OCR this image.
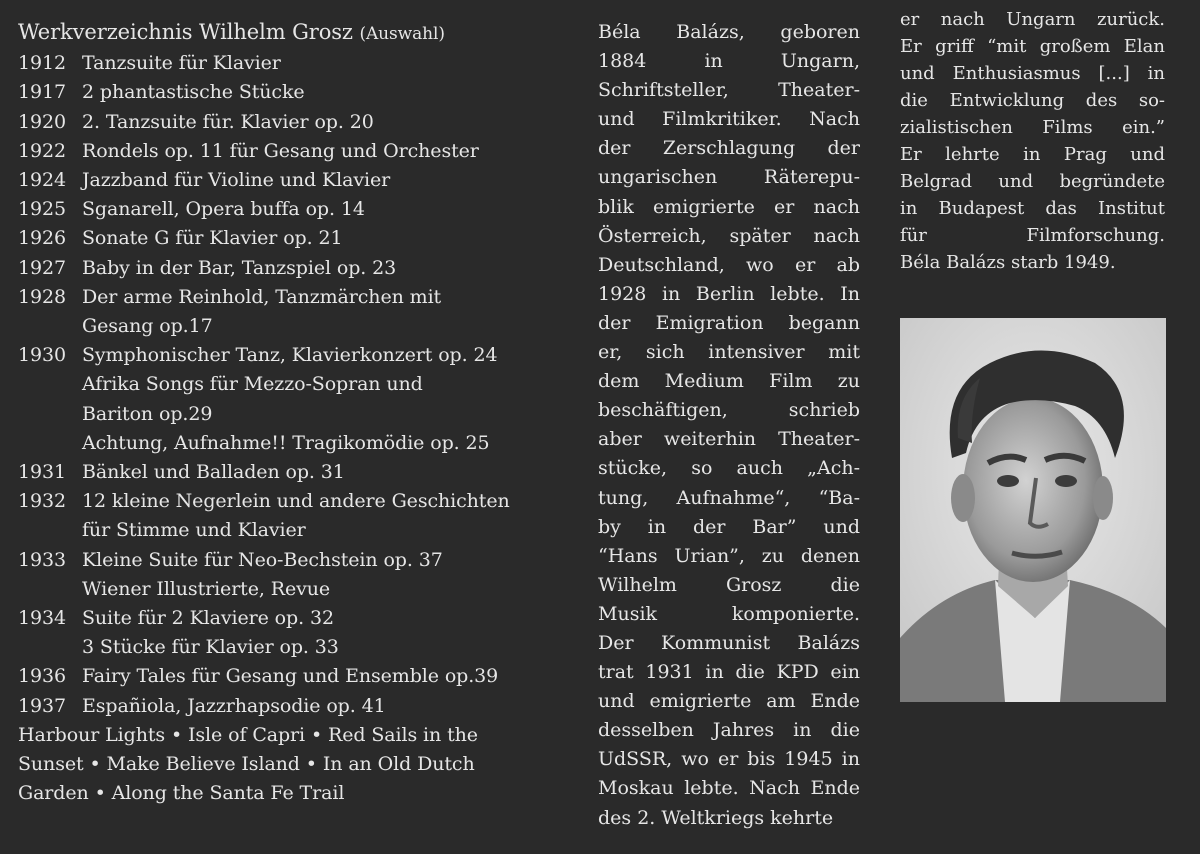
Werkverzeichnis Wilhelm Grosz (Auswahl)
1912 Tanzsuite für Klavier
1917 2 phantastische Stücke
1920 2. Tanzsuite für. Klavier op. 20
1922 Rondels op. 11 für Gesang und Orchester
1924 Jazzband für Violine und Klavier
1925 Sganarell, Opera buffa op. 14
1926 Sonate G für Klavier op. 21
1927 Baby in der Bar, Tanzspiel op. 23
1928 Der arme Reinhold, Tanzmärchen mit
Gesang op.17
1930 Symphonischer Tanz, Klavierkonzert op. 24
Afrika Songs für Mezzo-Sopran und
Bariton op.29
Achtung, Aufnahme!! Tragikomödie op. 25
1931 Bänkel und Balladen op. 31
1932 12 kleine Negerlein und andere Geschichten
für Stimme und Klavier
1933 Kleine Suite für Neo-Bechstein op. 37
Wiener Illustrierte, Revue
1934 Suite für 2 Klaviere op. 32
3 Stücke für Klavier op. 33
1936 Fairy Tales für Gesang und Ensemble op.39
1937 Españiola, Jazzrhapsodie op. 41
Harbour Lights • Isle of Capri • Red Sails in the
Sunset • Make Believe Island • In an Old Dutch
Garden • Along the Santa Fe Trail
Béla Balázs, geboren
1884 in Ungarn,
Schriftsteller, Theater-
und Filmkritiker. Nach
der Zerschlagung der
ungarischen Räterepu-
blik emigrierte er nach
Österreich, später nach
Deutschland, wo er ab
1928 in Berlin lebte. In
der Emigration begann
er, sich intensiver mit
dem Medium Film zu
beschäftigen, schrieb
aber weiterhin Theater-
stücke, so auch „Ach-
tung, Aufnahme“, “Ba-
by in der Bar” und
“Hans Urian”, zu denen
Wilhelm Grosz die
Musik komponierte.
Der Kommunist Balázs
trat 1931 in die KPD ein
und emigrierte am Ende
desselben Jahres in die
UdSSR, wo er bis 1945 in
Moskau lebte. Nach Ende
des 2. Weltkriegs kehrte
er nach Ungarn zurück.
Er griff “mit großem Elan
und Enthusiasmus [...] in
die Entwicklung des so-
zialistischen Films ein.”
Er lehrte in Prag und
Belgrad und begründete
in Budapest das Institut
für Filmforschung.
Béla Balázs starb 1949.
